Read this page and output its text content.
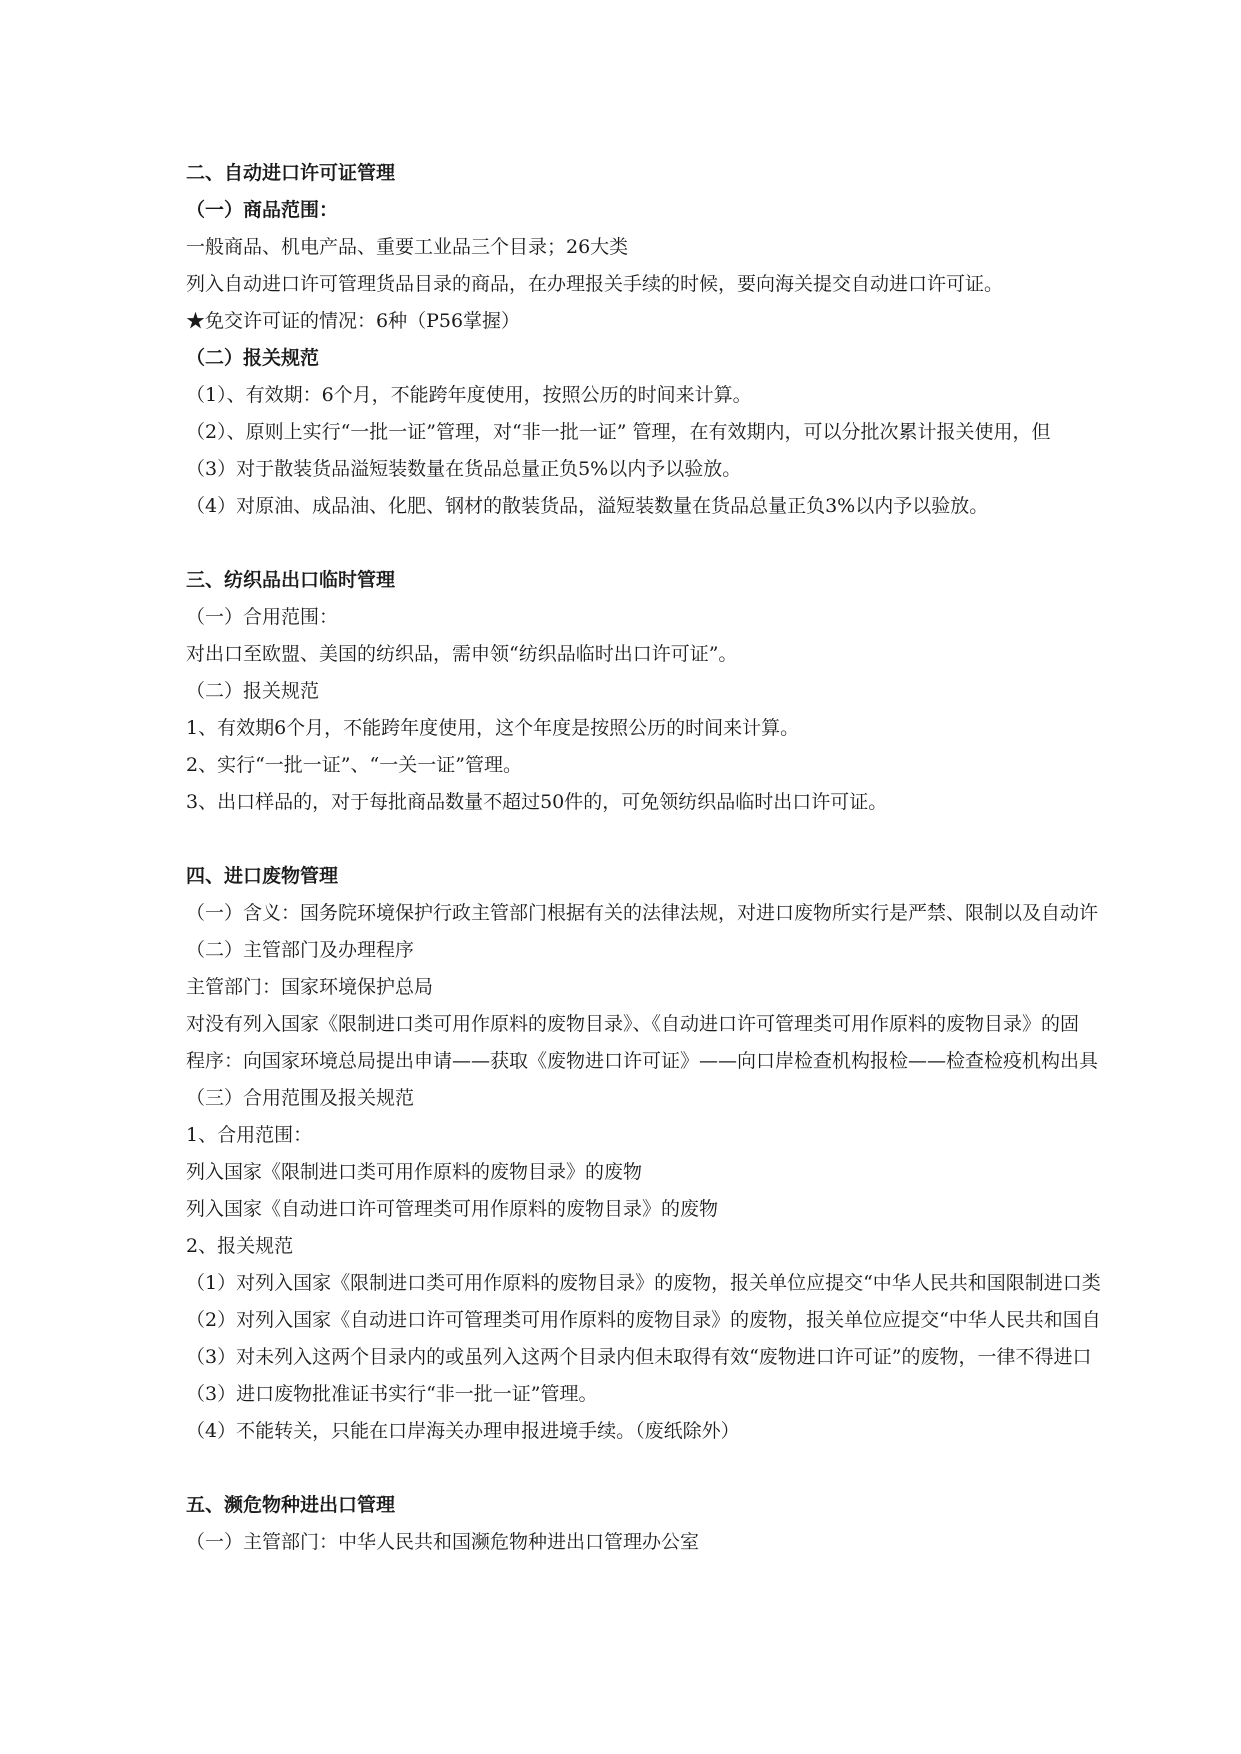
二、自动进口许可证管理
（一）商品范围：
一般商品、机电产品、重要工业品三个目录；26大类
列入自动进口许可管理货品目录的商品，在办理报关手续的时候，要向海关提交自动进口许可证。
★免交许可证的情况：6种（P56掌握）
（二）报关规范
（1）、有效期：6个月，不能跨年度使用，按照公历的时间来计算。
（2）、原则上实行“一批一证”管理，对“非一批一证” 管理，在有效期内，可以分批次累计报关使用，但
（3）对于散装货品溢短装数量在货品总量正负5%以内予以验放。
（4）对原油、成品油、化肥、钢材的散装货品，溢短装数量在货品总量正负3%以内予以验放。
三、纺织品出口临时管理
（一）合用范围：
对出口至欧盟、美国的纺织品，需申领“纺织品临时出口许可证”。
（二）报关规范
1、有效期6个月，不能跨年度使用，这个年度是按照公历的时间来计算。
2、实行“一批一证”、“一关一证”管理。
3、出口样品的，对于每批商品数量不超过50件的，可免领纺织品临时出口许可证。
四、进口废物管理
（一）含义：国务院环境保护行政主管部门根据有关的法律法规，对进口废物所实行是严禁、限制以及自动许
（二）主管部门及办理程序
主管部门：国家环境保护总局
对没有列入国家《限制进口类可用作原料的废物目录》、《自动进口许可管理类可用作原料的废物目录》的固
程序：向国家环境总局提出申请——获取《废物进口许可证》——向口岸检查机构报检——检查检疫机构出具
（三）合用范围及报关规范
1、合用范围：
列入国家《限制进口类可用作原料的废物目录》的废物
列入国家《自动进口许可管理类可用作原料的废物目录》的废物
2、报关规范
（1）对列入国家《限制进口类可用作原料的废物目录》的废物，报关单位应提交“中华人民共和国限制进口类
（2）对列入国家《自动进口许可管理类可用作原料的废物目录》的废物，报关单位应提交“中华人民共和国自
（3）对未列入这两个目录内的或虽列入这两个目录内但未取得有效“废物进口许可证”的废物，一律不得进口
（3）进口废物批准证书实行“非一批一证”管理。
（4）不能转关，只能在口岸海关办理申报进境手续。（废纸除外）
五、濒危物种进出口管理
（一）主管部门：中华人民共和国濒危物种进出口管理办公室
